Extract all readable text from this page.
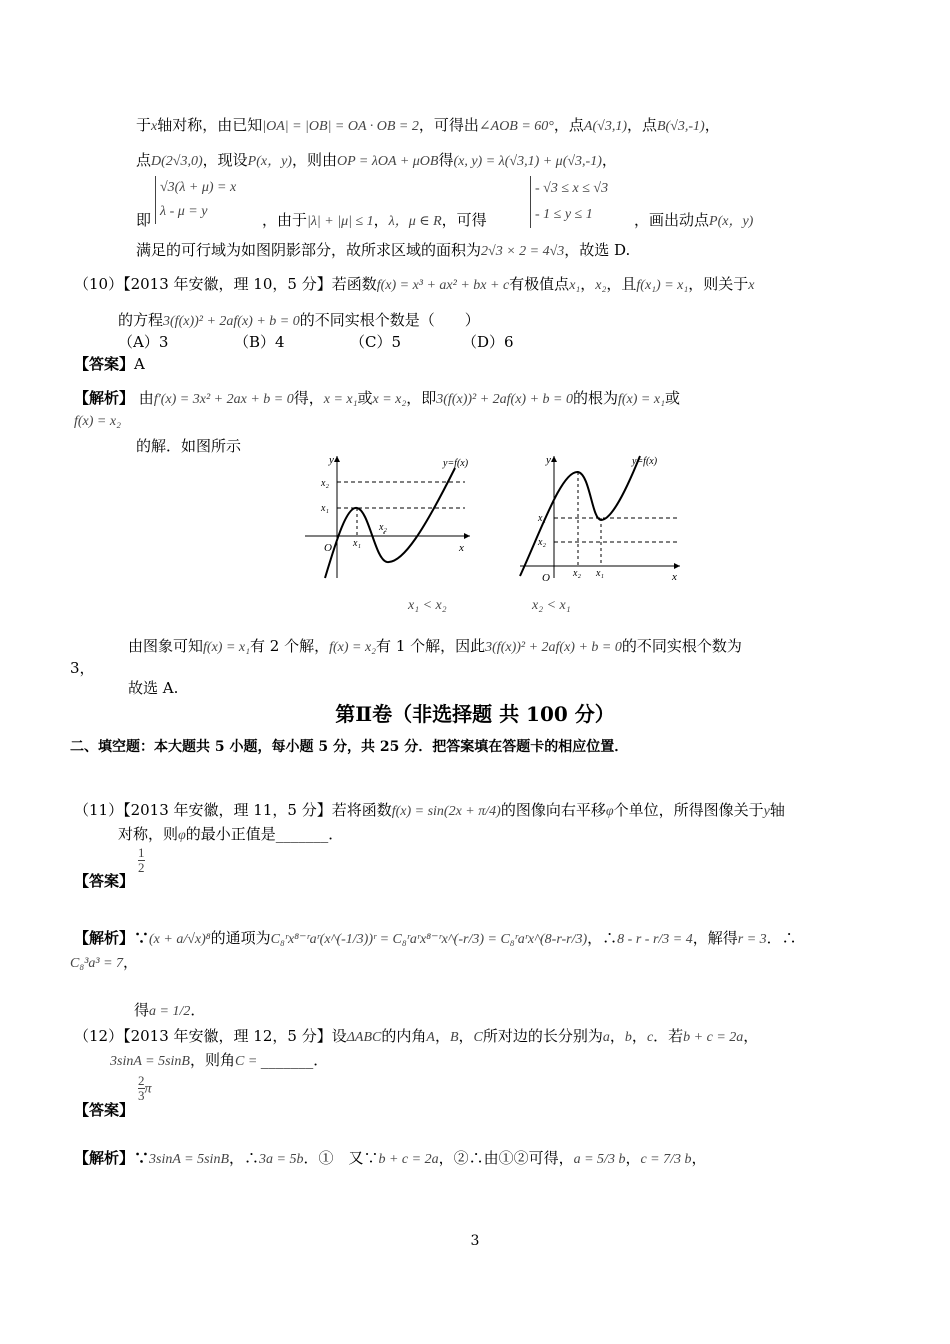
于x轴对称，由已知|OA| = |OB| = OA · OB = 2，可得出∠AOB = 60°，点A(√3,1)，点B(√3,-1)，
点D(2√3,0)，现设P(x，y)，则由OP = λOA + μOB得(x, y) = λ(√3,1) + μ(√3,-1)，
即
√3(λ + μ) = x
λ - μ = y	，由于|λ| + |μ| ≤ 1，λ，μ ∈ R，可得
- √3 ≤ x ≤ √3
- 1 ≤ y ≤ 1	，画出动点P(x，y)
满足的可行域为如图阴影部分，故所求区域的面积为2√3 × 2 = 4√3，故选 D.
（10）【2013 年安徽，理 10，5 分】若函数f(x) = x³ + ax² + bx + c有极值点x₁，x₂，且f(x₁) = x₁，则关于x
的方程3(f(x))² + 2af(x) + b = 0的不同实根个数是（　　）
（A）3	（B）4	（C）5	（D）6
【答案】A
【解析】 由f′(x) = 3x² + 2ax + b = 0得，x = x₁或x = x₂，即3(f(x))² + 2af(x) + b = 0的根为f(x) = x₁或
f(x) = x₂
的解．如图所示
y
x
O
y=f(x)
x₂
x₁
x₁
x₂
y
x
O
y=f(x)
x₁
x₂
x₂ x₁
x₁ < x₂	x₂ < x₁
由图象可知f(x) = x₁有 2 个解，f(x) = x₂有 1 个解，因此3(f(x))² + 2af(x) + b = 0的不同实根个数为
3，
故选 A.
第Ⅱ卷（非选择题 共 100 分）
二、填空题：本大题共 5 小题，每小题 5 分，共 25 分．把答案填在答题卡的相应位置．
（11）【2013 年安徽，理 11，5 分】若将函数f(x) = sin(2x + π/4)的图像向右平移φ个单位，所得图像关于y轴
对称，则φ的最小正值是_______．
【答案】
$\frac{1}{2}$
【解析】∵(x + a/√x)⁸的通项为C₈ʳx⁸⁻ʳaʳ(x^(-1/3))ʳ = C₈ʳaʳx⁸⁻ʳx^(-r/3) = C₈ʳaʳx^(8-r-r/3)，∴8 - r - r/3 = 4，解得r = 3．∴
C₈³a³ = 7，
得a = 1/2．
（12）【2013 年安徽，理 12，5 分】设ΔABC的内角A，B，C所对边的长分别为a，b，c．若b + c = 2a，
3sinA = 5sinB，则角C = _______．
【答案】
$\frac{2}{3}$ π
【解析】∵3sinA = 5sinB，∴3a = 5b．①　又∵b + c = 2a，②∴由①②可得，a = 5/3 b，c = 7/3 b，
3
